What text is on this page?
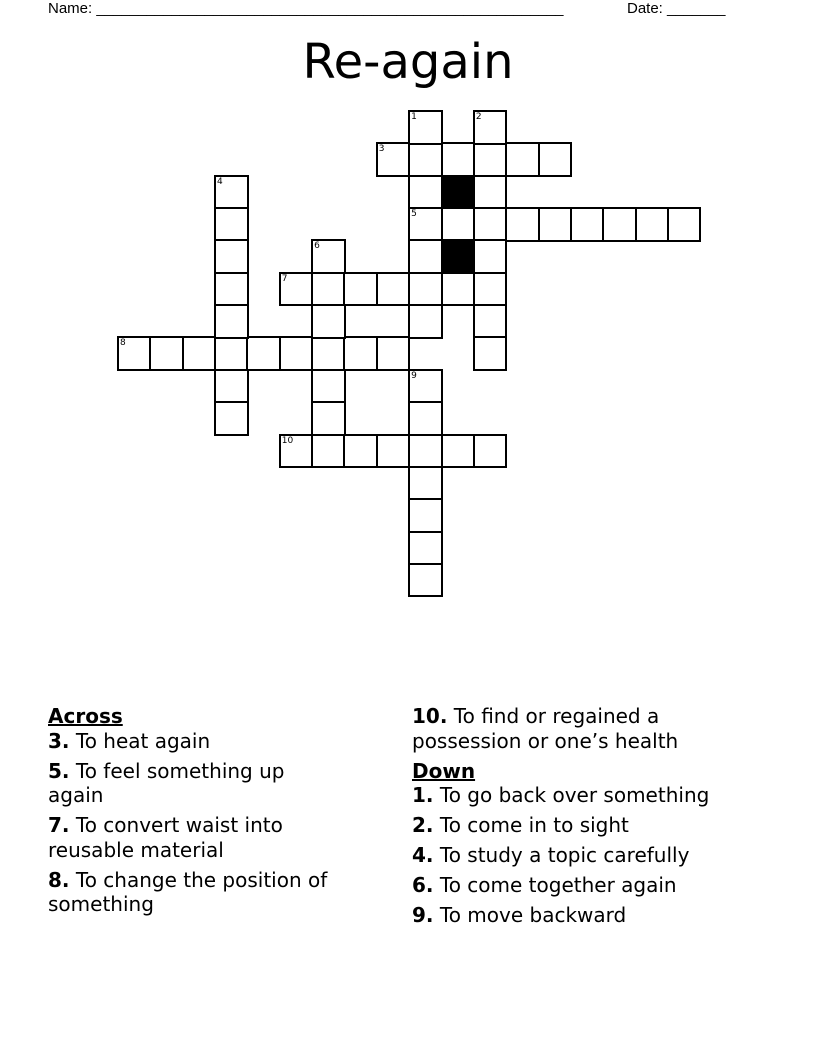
Name: ________________________________________________________	Date: _______
Re-again
3
5
7
8
10
1	2
4
6
9
Across
3. To heat again
5. To feel something up again
7. To convert waist into reusable material
8. To change the position of something
10. To find or regained a possession or one’s health
Down
1. To go back over something
2. To come in to sight
4. To study a topic carefully
6. To come together again
9. To move backward
